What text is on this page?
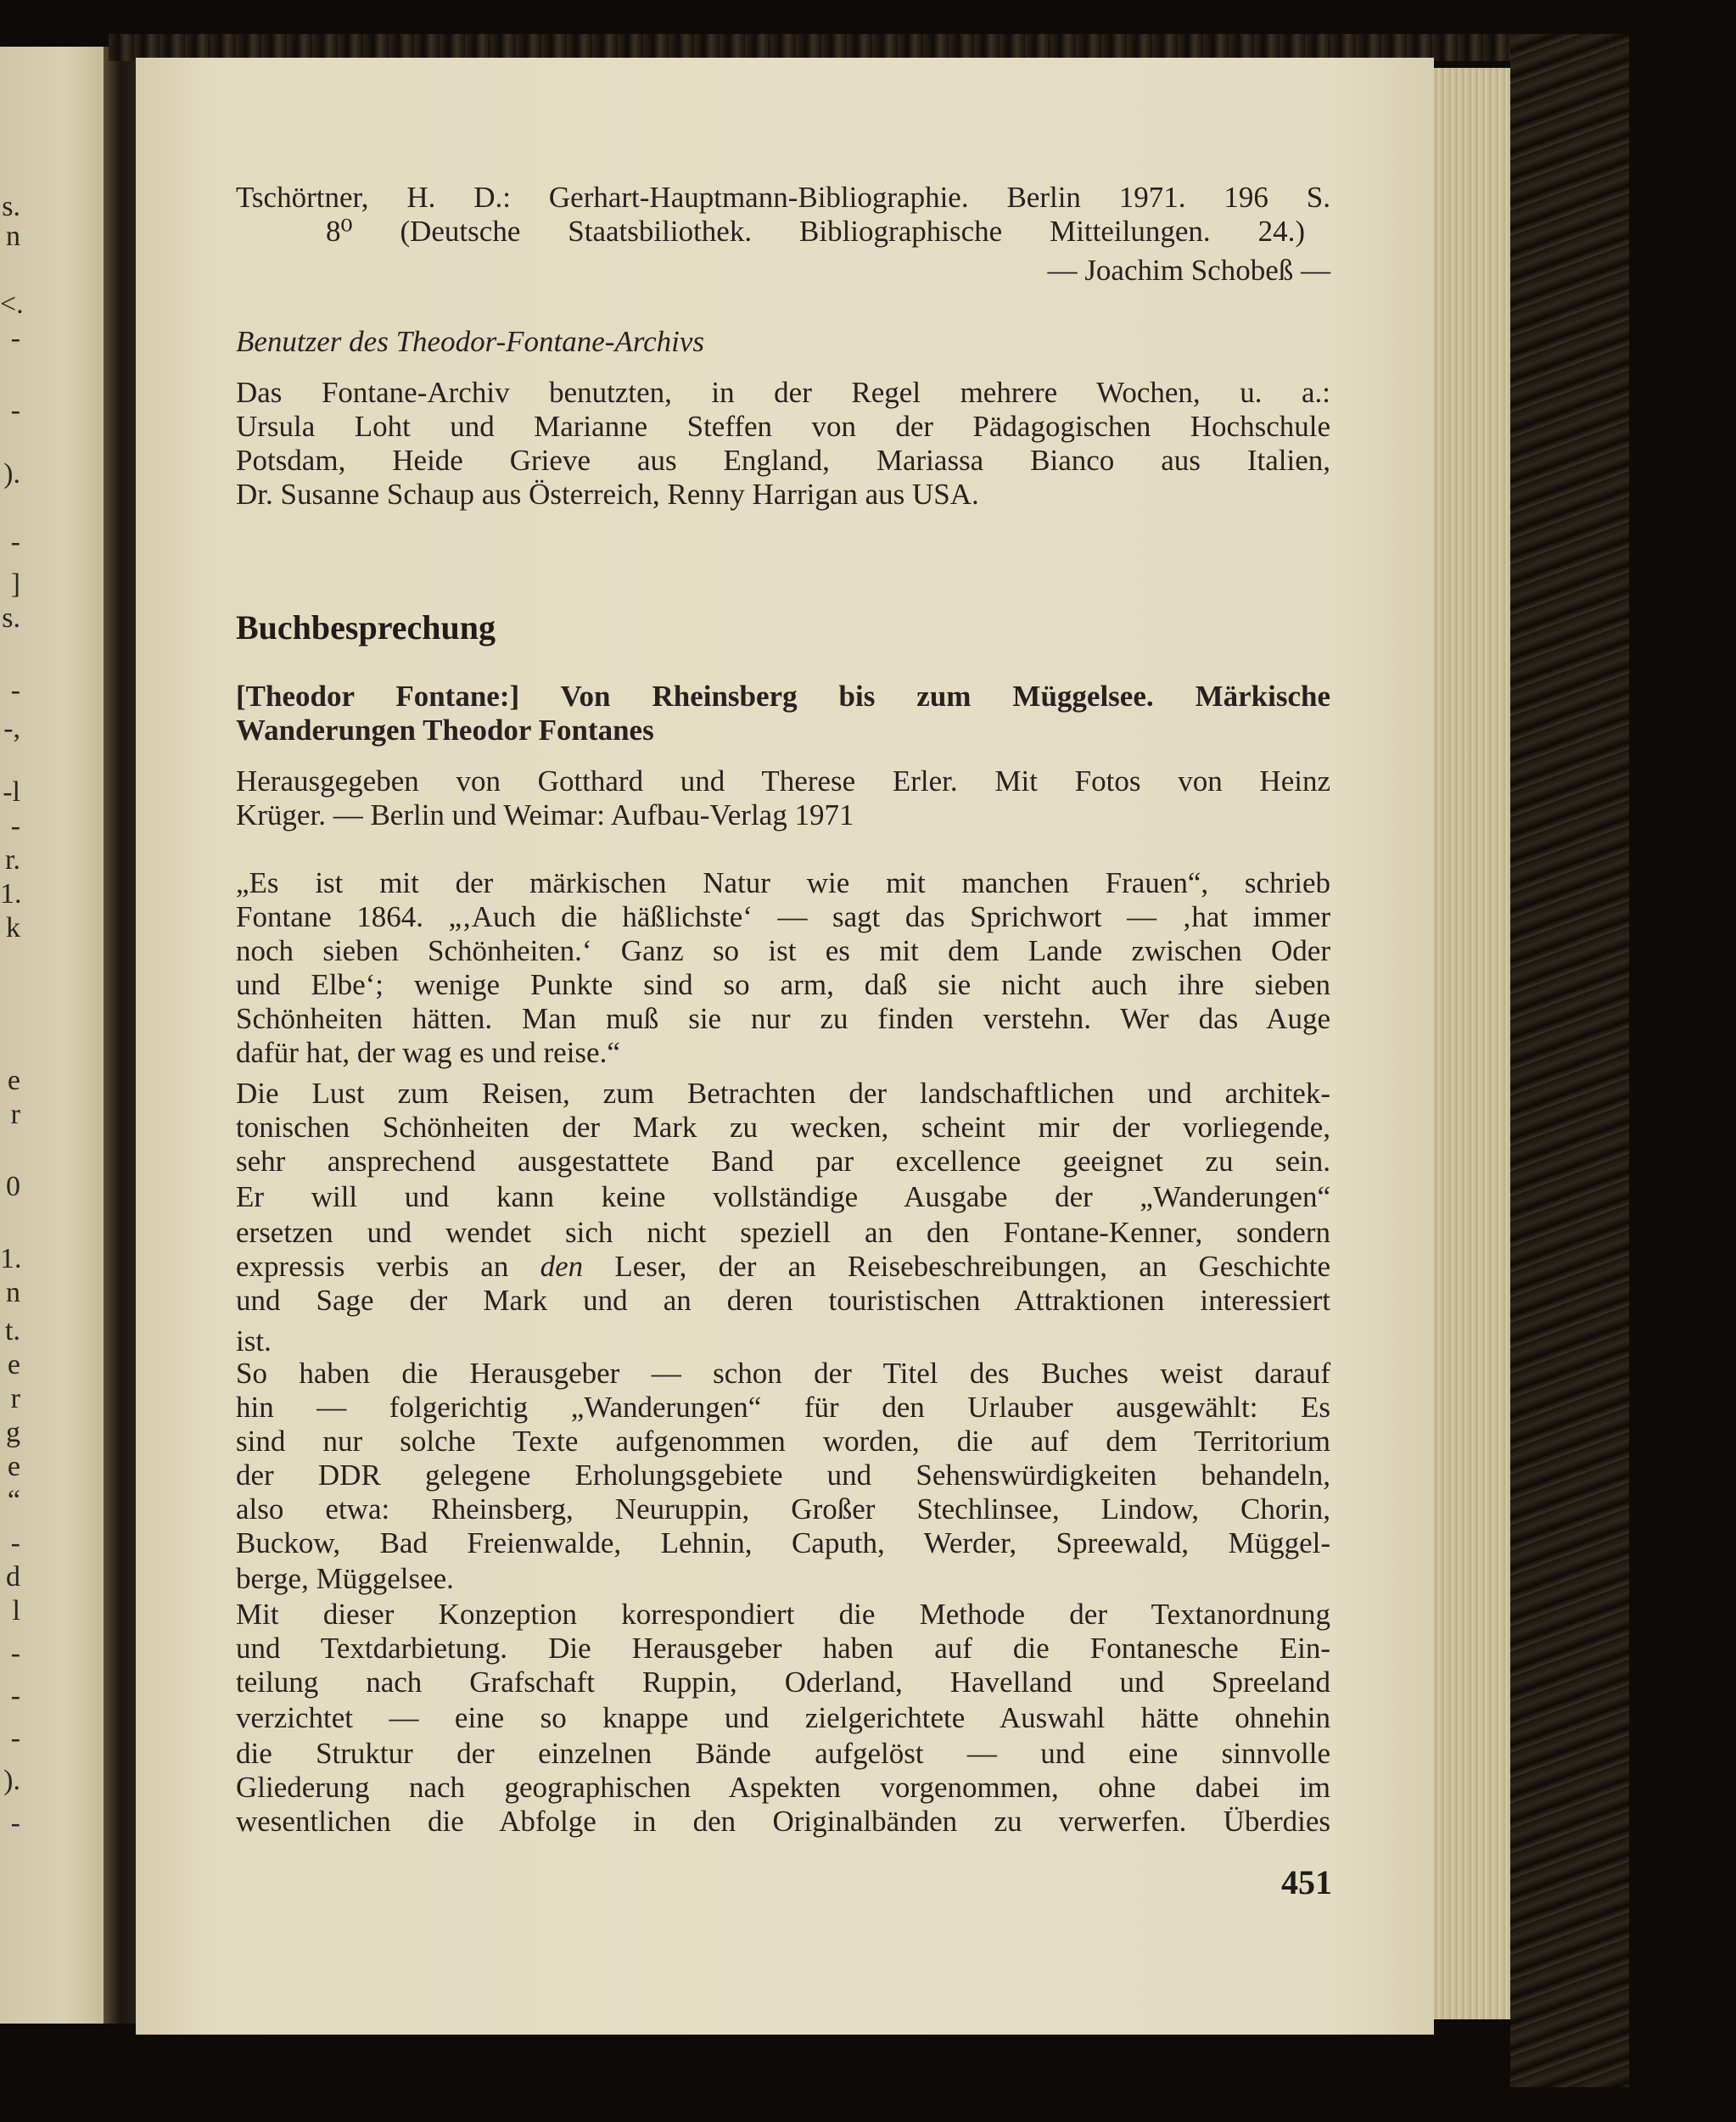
s.
n
<.
-
-
).
-
]
s.
-
-,
-l
-
r.
1.
k
e
r
0
1.
n
t.
e
r
g
e
“
-
d
l
-
-
-
).
-
Tschörtner, H. D.: Gerhart-Hauptmann-Bibliographie. Berlin 1971. 196 S.
8⁰ (Deutsche Staatsbiliothek. Bibliographische Mitteilungen. 24.)
— Joachim Schobeß —
Benutzer des Theodor-Fontane-Archivs
Das Fontane-Archiv benutzten, in der Regel mehrere Wochen, u. a.:
Ursula Loht und Marianne Steffen von der Pädagogischen Hochschule
Potsdam, Heide Grieve aus England, Mariassa Bianco aus Italien,
Dr. Susanne Schaup aus Österreich, Renny Harrigan aus USA.
Buchbesprechung
[Theodor Fontane:] Von Rheinsberg bis zum Müggelsee. Märkische
Wanderungen Theodor Fontanes
Herausgegeben von Gotthard und Therese Erler. Mit Fotos von Heinz
Krüger. — Berlin und Weimar: Aufbau-Verlag 1971
„Es ist mit der märkischen Natur wie mit manchen Frauen“, schrieb
Fontane 1864. „‚Auch die häßlichste‘ — sagt das Sprichwort — ‚hat immer
noch sieben Schönheiten.‘ Ganz so ist es mit dem Lande zwischen Oder
und Elbe‘; wenige Punkte sind so arm, daß sie nicht auch ihre sieben
Schönheiten hätten. Man muß sie nur zu finden verstehn. Wer das Auge
dafür hat, der wag es und reise.“
Die Lust zum Reisen, zum Betrachten der landschaftlichen und architek-
tonischen Schönheiten der Mark zu wecken, scheint mir der vorliegende,
sehr ansprechend ausgestattete Band par excellence geeignet zu sein.
Er will und kann keine vollständige Ausgabe der „Wanderungen“
ersetzen und wendet sich nicht speziell an den Fontane-Kenner, sondern
expressis verbis an den Leser, der an Reisebeschreibungen, an Geschichte
und Sage der Mark und an deren touristischen Attraktionen interessiert
ist.
So haben die Herausgeber — schon der Titel des Buches weist darauf
hin — folgerichtig „Wanderungen“ für den Urlauber ausgewählt: Es
sind nur solche Texte aufgenommen worden, die auf dem Territorium
der DDR gelegene Erholungsgebiete und Sehenswürdigkeiten behandeln,
also etwa: Rheinsberg, Neuruppin, Großer Stechlinsee, Lindow, Chorin,
Buckow, Bad Freienwalde, Lehnin, Caputh, Werder, Spreewald, Müggel-
berge, Müggelsee.
Mit dieser Konzeption korrespondiert die Methode der Textanordnung
und Textdarbietung. Die Herausgeber haben auf die Fontanesche Ein-
teilung nach Grafschaft Ruppin, Oderland, Havelland und Spreeland
verzichtet — eine so knappe und zielgerichtete Auswahl hätte ohnehin
die Struktur der einzelnen Bände aufgelöst — und eine sinnvolle
Gliederung nach geographischen Aspekten vorgenommen, ohne dabei im
wesentlichen die Abfolge in den Originalbänden zu verwerfen. Überdies
451
